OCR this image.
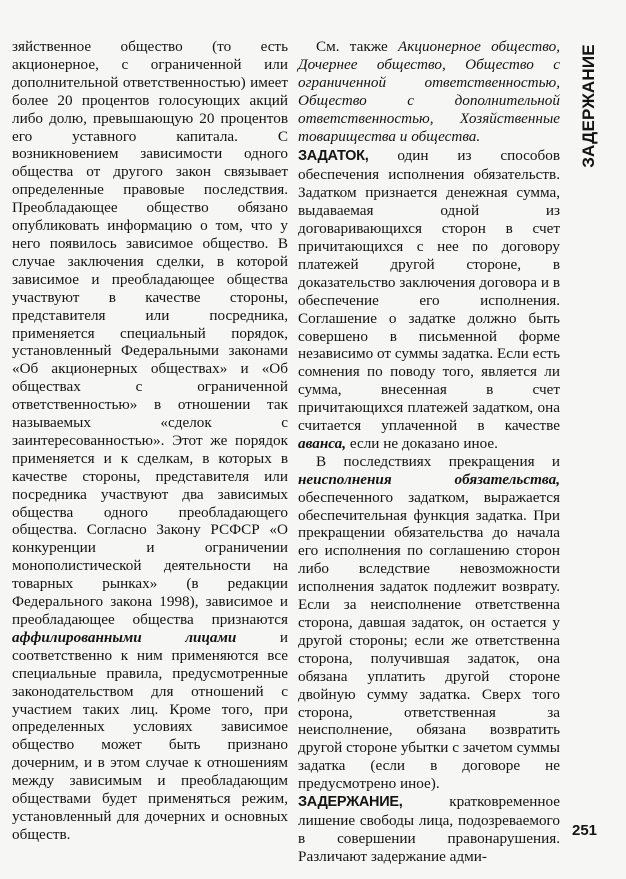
ЗАДЕРЖАНИЕ

зяйственное общество (то есть акционерное, с ограниченной или дополнительной ответственностью) имеет более 20 процентов голосующих акций либо долю, превышающую 20 процентов его уставного капитала. С возникновением зависимости одного общества от другого закон связывает определенные правовые последствия. Преобладающее общество обязано опубликовать информацию о том, что у него появилось зависимое общество. В случае заключения сделки, в которой зависимое и преобладающее общества участвуют в качестве стороны, представителя или посредника, применяется специальный порядок, установленный Федеральными законами «Об акционерных обществах» и «Об обществах с ограниченной ответственностью» в отношении так называемых «сделок с заинтересованностью». Этот же порядок применяется и к сделкам, в которых в качестве стороны, представителя или посредника участвуют два зависимых общества одного преобладающего общества. Согласно Закону РСФСР «О конкуренции и ограничении монополистической деятельности на товарных рынках» (в редакции Федерального закона 1998), зависимое и преобладающее общества признаются аффилированными лицами	и соответственно к ним применяются все специальные правила, предусмотренные законодательством для отношений с участием таких лиц. Кроме того, при определенных условиях зависимое общество может быть признано дочерним, и в этом случае к отношениям между зависимым и преобладающим обществами будет применяться режим, установленный для дочерних и основных обществ.

См. также Акционерное общество, Дочернее общество, Общество с ограниченной ответственностью, Общество с дополнительной ответственностью, Хозяйственные товарищества и общества.

ЗАДАТОК, один из способов обеспечения исполнения обязательств. Задатком признается денежная сумма, выдаваемая одной из договаривающихся сторон в счет причитающихся с нее по договору платежей другой стороне, в доказательство заключения договора и в обеспечение его исполнения. Соглашение о задатке должно быть совершено в письменной форме независимо от суммы задатка. Если есть сомнения по поводу того, является ли сумма, внесенная в счет причитающихся платежей задатком, она считается уплаченной в качестве аванса, если не доказано иное.

В последствиях прекращения и неисполнения обязательства, обеспеченного задатком, выражается обеспечительная функция задатка. При прекращении обязательства до начала его исполнения по соглашению сторон либо вследствие невозможности исполнения задаток подлежит возврату. Если за неисполнение ответственна сторона, давшая задаток, он остается у другой стороны; если же ответственна сторона, получившая задаток, она обязана уплатить другой стороне двойную сумму задатка. Сверх того сторона, ответственная за неисполнение, обязана возвратить другой стороне убытки с зачетом суммы задатка (если в договоре не предусмотрено иное).

ЗАДЕРЖАНИЕ,	кратковременное лишение свободы лица, подозреваемого в совершении правонарушения. Различают задержание адми-

251
